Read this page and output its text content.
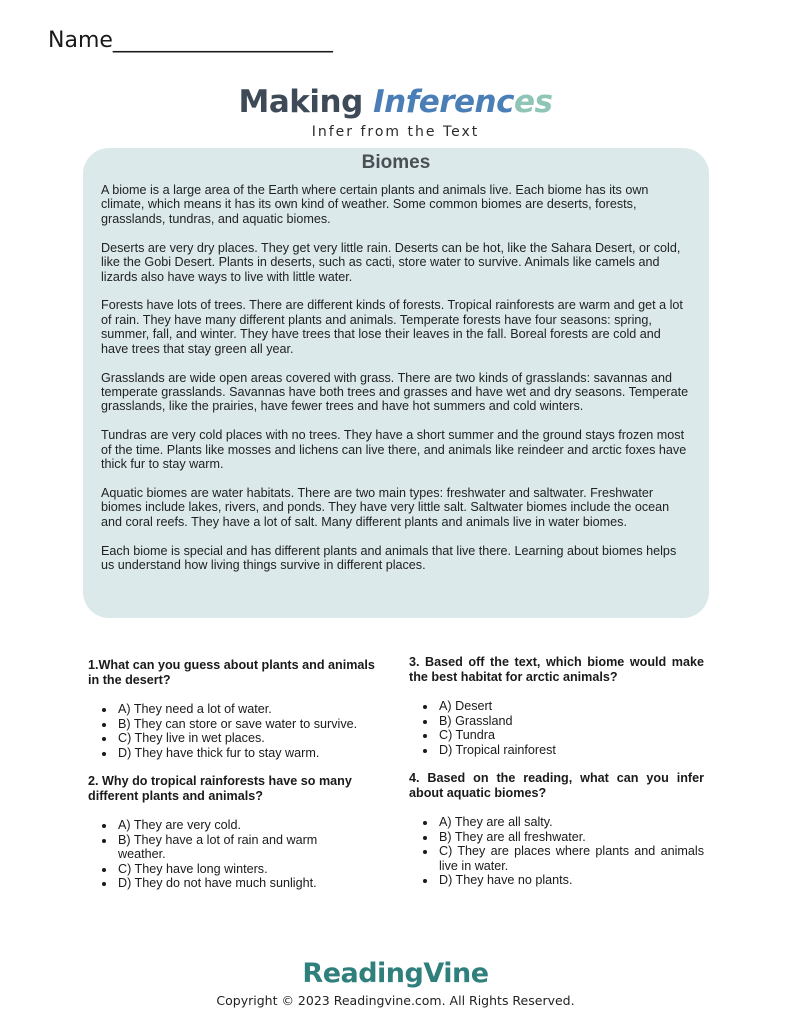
Name____________________
Making Inferences
Infer from the Text
Biomes

A biome is a large area of the Earth where certain plants and animals live. Each biome has its own climate, which means it has its own kind of weather. Some common biomes are deserts, forests, grasslands, tundras, and aquatic biomes.

Deserts are very dry places. They get very little rain. Deserts can be hot, like the Sahara Desert, or cold, like the Gobi Desert. Plants in deserts, such as cacti, store water to survive. Animals like camels and lizards also have ways to live with little water.

Forests have lots of trees. There are different kinds of forests. Tropical rainforests are warm and get a lot of rain. They have many different plants and animals. Temperate forests have four seasons: spring, summer, fall, and winter. They have trees that lose their leaves in the fall. Boreal forests are cold and have trees that stay green all year.

Grasslands are wide open areas covered with grass. There are two kinds of grasslands: savannas and temperate grasslands. Savannas have both trees and grasses and have wet and dry seasons. Temperate grasslands, like the prairies, have fewer trees and have hot summers and cold winters.

Tundras are very cold places with no trees. They have a short summer and the ground stays frozen most of the time. Plants like mosses and lichens can live there, and animals like reindeer and arctic foxes have thick fur to stay warm.

Aquatic biomes are water habitats. There are two main types: freshwater and saltwater. Freshwater biomes include lakes, rivers, and ponds. They have very little salt. Saltwater biomes include the ocean and coral reefs. They have a lot of salt. Many different plants and animals live in water biomes.

Each biome is special and has different plants and animals that live there. Learning about biomes helps us understand how living things survive in different places.

1.What can you guess about plants and animals in the desert?
• A) They need a lot of water.
• B) They can store or save water to survive.
• C) They live in wet places.
• D) They have thick fur to stay warm.
2. Why do tropical rainforests have so many different plants and animals?
• A) They are very cold.
• B) They have a lot of rain and warm weather.
• C) They have long winters.
• D) They do not have much sunlight.
3. Based off the text, which biome would make the best habitat for arctic animals?
• A) Desert
• B) Grassland
• C) Tundra
• D) Tropical rainforest
4. Based on the reading, what can you infer about aquatic biomes?
• A) They are all salty.
• B) They are all freshwater.
• C) They are places where plants and animals live in water.
• D) They have no plants.
ReadingVine
Copyright © 2023 Readingvine.com. All Rights Reserved.
